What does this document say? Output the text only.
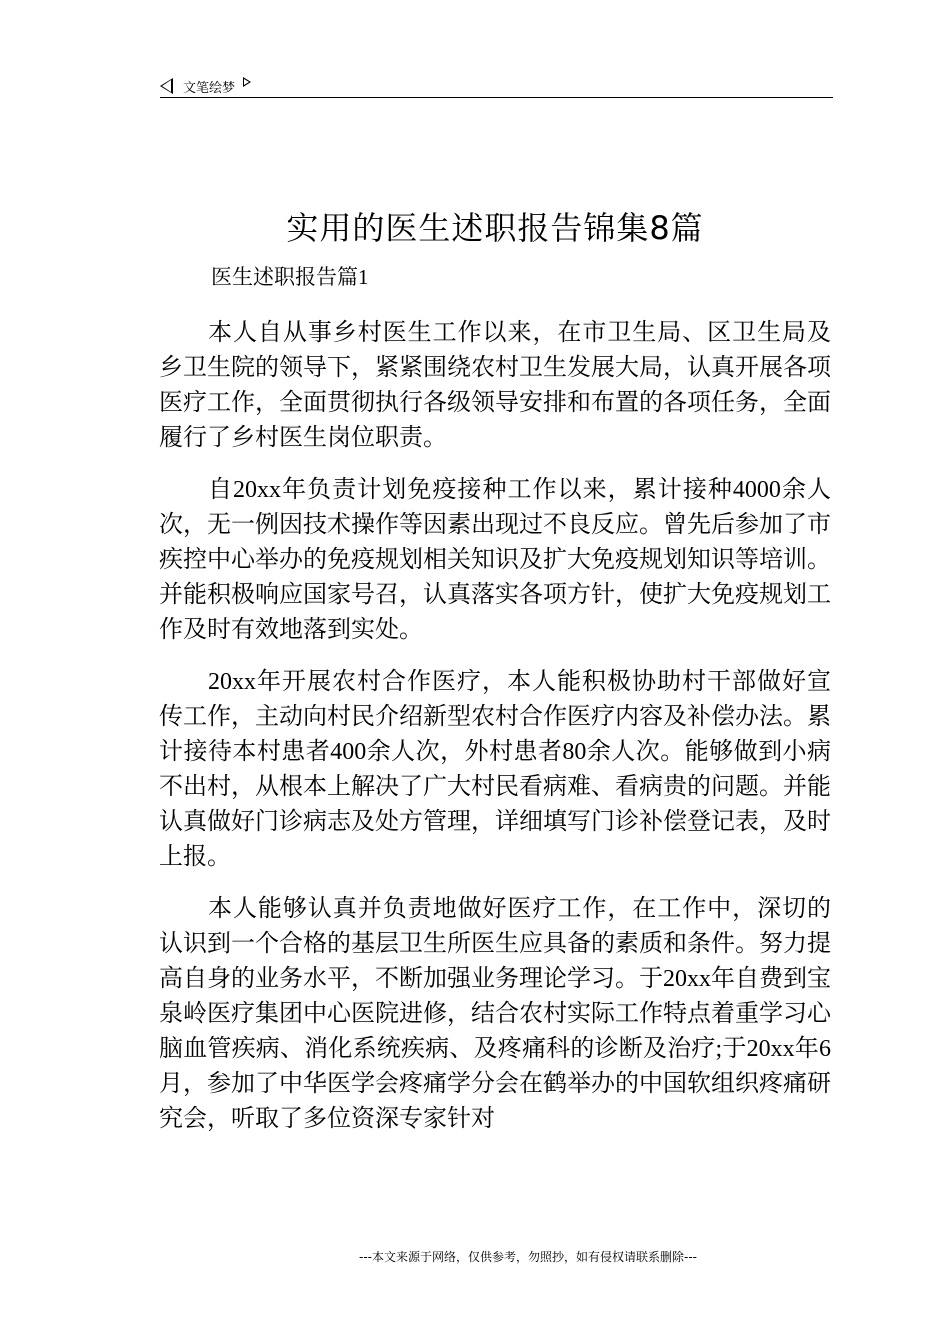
文笔绘梦
实用的医生述职报告锦集8篇
医生述职报告篇1

本人自从事乡村医生工作以来，在市卫生局、区卫生局及乡卫生院的领导下，紧紧围绕农村卫生发展大局，认真开展各项医疗工作，全面贯彻执行各级领导安排和布置的各项任务，全面履行了乡村医生岗位职责。

自20xx年负责计划免疫接种工作以来，累计接种4000余人次，无一例因技术操作等因素出现过不良反应。曾先后参加了市疾控中心举办的免疫规划相关知识及扩大免疫规划知识等培训。并能积极响应国家号召，认真落实各项方针，使扩大免疫规划工作及时有效地落到实处。

20xx年开展农村合作医疗，本人能积极协助村干部做好宣传工作，主动向村民介绍新型农村合作医疗内容及补偿办法。累计接待本村患者400余人次，外村患者80余人次。能够做到小病不出村，从根本上解决了广大村民看病难、看病贵的问题。并能认真做好门诊病志及处方管理，详细填写门诊补偿登记表，及时上报。

本人能够认真并负责地做好医疗工作，在工作中，深切的认识到一个合格的基层卫生所医生应具备的素质和条件。努力提高自身的业务水平，不断加强业务理论学习。于20xx年自费到宝泉岭医疗集团中心医院进修，结合农村实际工作特点着重学习心脑血管疾病、消化系统疾病、及疼痛科的诊断及治疗;于20xx年6月，参加了中华医学会疼痛学分会在鹤举办的中国软组织疼痛研究会，听取了多位资深专家针对

---本文来源于网络，仅供参考，勿照抄，如有侵权请联系删除---
